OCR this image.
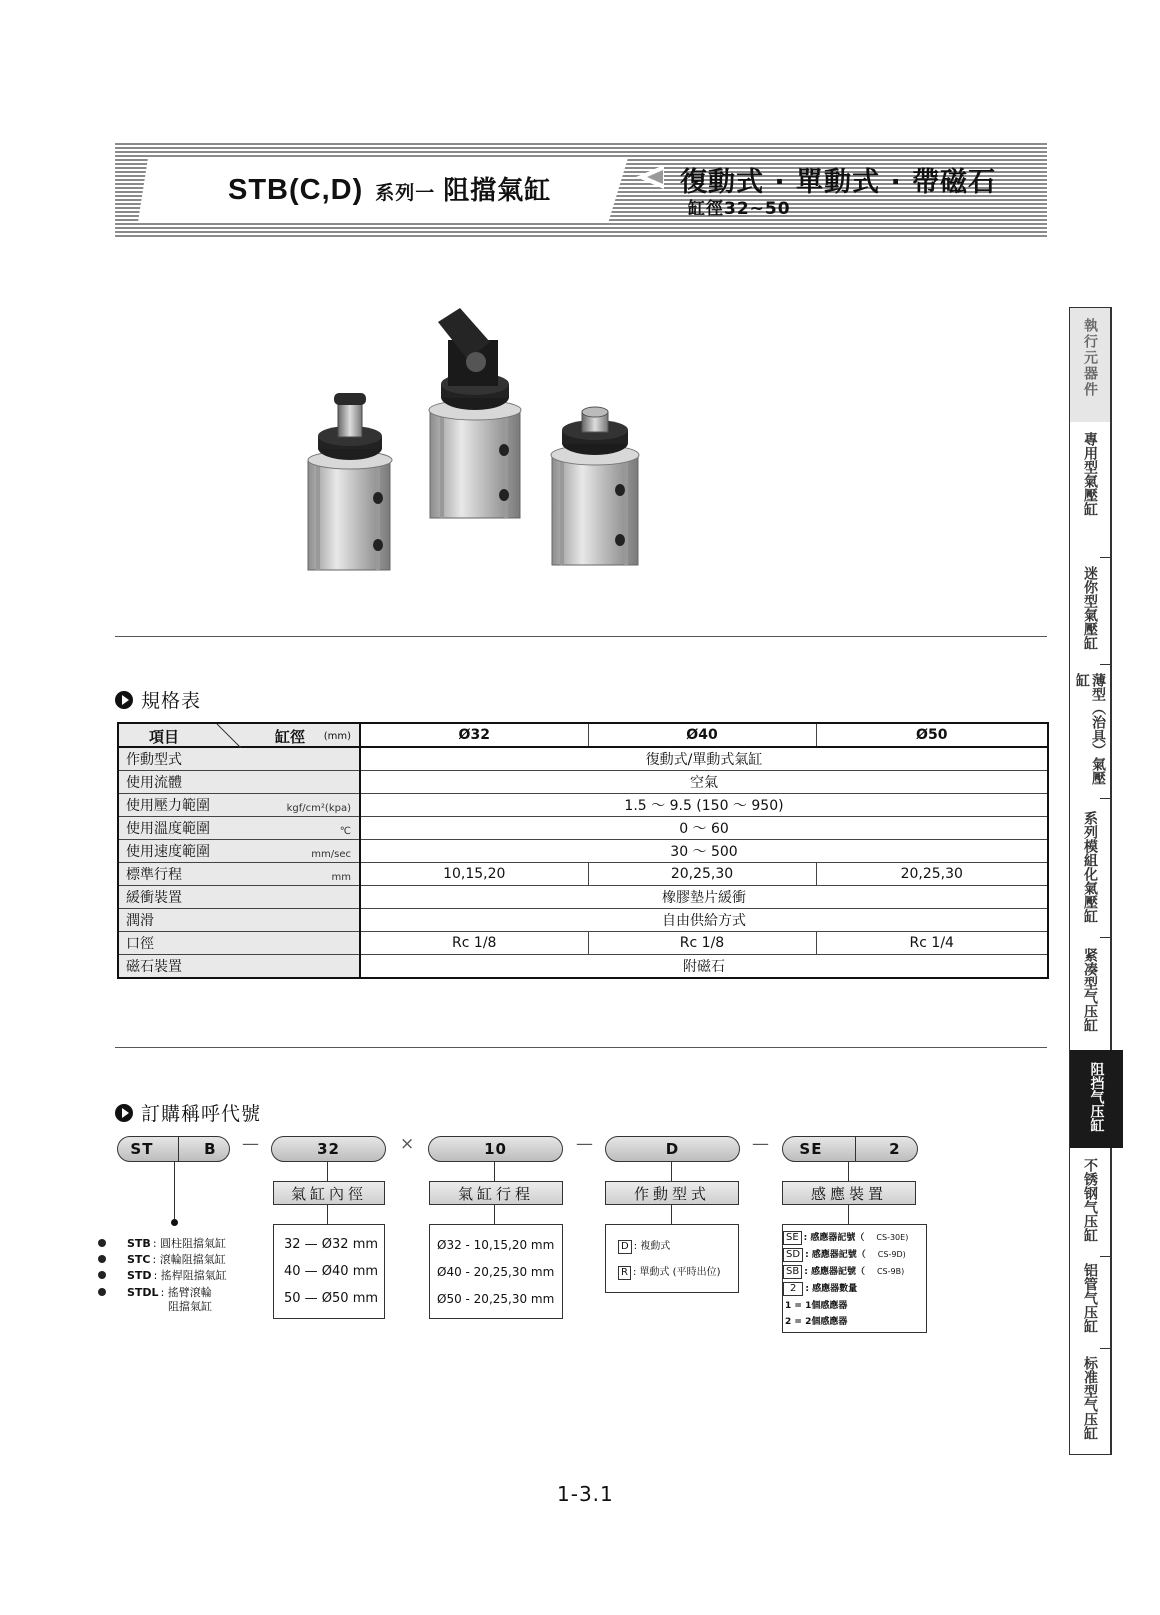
STB(C,D) 系列一 阻擋氣缸	復動式 · 單動式 · 帶磁石
缸徑32~50
規格表
項目 缸徑 (mm)	Ø32	Ø40	Ø50
作動型式	復動式/單動式氣缸		
使用流體	空氣		
使用壓力範圍 kgf/cm²(kpa)	1.5 ～ 9.5 (150 ～ 950)		
使用溫度範圍 ℃	0 ～ 60		
使用速度範圍 mm/sec	30 ～ 500		
標準行程 mm	10,15,20	20,25,30	20,25,30
緩衝裝置	橡膠墊片緩衝		
潤滑	自由供給方式		
口徑	Rc 1/8	Rc 1/8	Rc 1/4
磁石裝置	附磁石		
訂購稱呼代號
ST	B —	32	×	10	—	D	— SE	2
氣缸內徑	氣缸行程	作動型式	感應裝置
STB : 圓柱阻擋氣缸
STC : 滾輪阻擋氣缸
STD : 搖桿阻擋氣缸
STDL : 搖臂滾輪
阻擋氣缸
32 — Ø32 mm
40 — Ø40 mm
50 — Ø50 mm
Ø32 - 10,15,20 mm
Ø40 - 20,25,30 mm
Ø50 - 20,25,30 mm
D : 複動式
R : 單動式 (平時出位)
SE : 感應器記號（ CS-30E)
SD : 感應器記號（ CS-9D)
SB : 感應器記號（ CS-9B)
2 : 感應器數量
1 = 1個感應器
2 = 2個感應器
執行元器件
專用型氣壓缸
迷你型氣壓缸
薄型（治具）氣壓缸
系列模組化氣壓缸
紧凑型气压缸
阻挡气压缸
不锈钢气压缸
铝管气压缸
标准型气压缸
1-3.1
